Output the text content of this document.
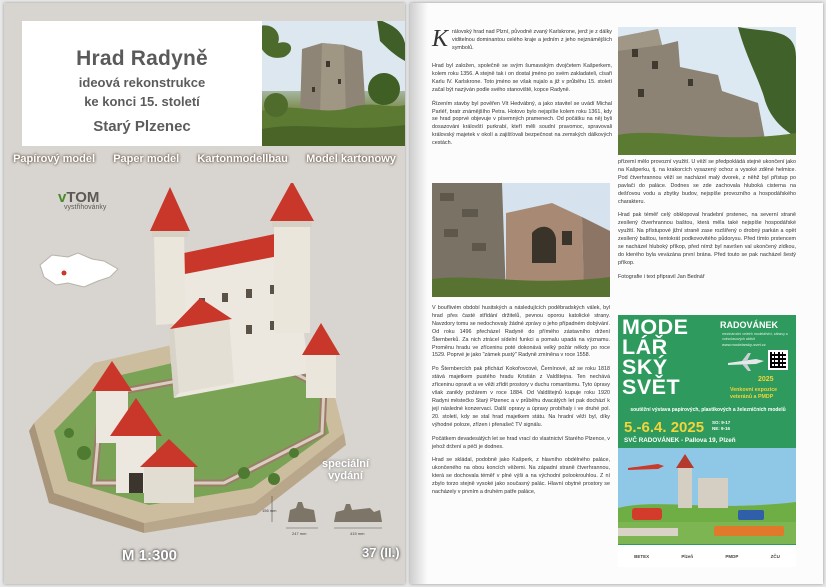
Hrad Radyně
ideová rekonstrukce
ke konci 15. století
Starý Plzenec
Papírový model Paper model Kartonmodellbau Model kartonowy
vTOM
vystřihovánky
speciální
vydání
156 mm
247 mm	415 mm
M 1:300	37 (II.)
Královský hrad nad Plzní, původně zvaný Karlskrone, jenž je z dálky viditelnou dominantou celého kraje a jedním z jeho nejznámějších symbolů.

Hrad byl založen, společně se svým šumavským dvojčetem Kašperkem, kolem roku 1356. A stejně tak i on dostal jméno po svém zakladateli, císaři Karlu IV. Karlskrone. Toto jméno se však nujalo a již v průběhu 15. století začal být nazýván podle svého stanoviště, kopce Radyně.

Řízením stavby byl pověřen Vít Hedvábný, a jako stavitel se uvádí Michal Parléř, bratr známějšího Petra. Hotovo bylo nejspíše kolem roku 1361, kdy se hrad poprvé objevuje v písemných pramenech. Od počátku na něj byli dosazováni královští purkrabí, kteří měli soudní pravomoc, spravovali královský majetek v okolí a zajišťovali bezpečnost na zemských dálkových cestách.

přízemí mělo provozní využití. U věží se předpokládá stejné ukončení jako na Kašperku, tj. na krakorcích vysazený ochoz a vysoké zděné helmice. Pod čtverhrannou věží se nacházel malý dvorek, z něhž byl přístup po pavlači do paláce. Dodnes se zde zachovala hluboká cisterna na dešťovou vodu a zbytky budov, nejspíše provozního a hospodářského charakteru.

Hrad pak téměř celý obklopoval hradební prstenec, na severní straně zesílený čtverhrannou baštou, která měla také nejspíše hospodářské využití. Na přístupové jižní straně zase rozšířený o drobný parkán a opět zesílený baštou, tentokrát podkovovitého půdorysu. Před tímto prstencem se nacházel hluboký příkop, před nímž byl navršen val ukončený zídkou, do kterého byla vevázána první brána. Před touto se pak nacházel šestý příkop.

Fotografie i text připravil Jan Bednář

V bouřlivém období husitských a následujících poděbradských válek, byl hrad přes časté střídání držitelů, pevnou oporou katolické strany. Navzdory tomu se nedochovaly žádné zprávy o jeho případném dobývání. Od roku 1496 přecházel Radyně do přímého zástavního držení Šternberků. Za nich ztrácel sídelní funkci a pomalu upadá na významu. Proměnu hradu ve zříceninu poté dokonává velký požár někdy po roce 1529. Poprvé je jako "zámek pustý" Radyně zmíněna v roce 1558.

Po Šternbercích pak přichází Kokořovcové, Černínové, až se roku 1818 stává majetkem pustého hradu Kristián z Valdštejna. Ten nechává zříceninu opravit a ve věži zřídit prostory v duchu romantismu. Tyto úpravy však zanikly požárem v roce 1884. Od Valdštejnů kupuje roku 1920 Radyni městečko Starý Plzenec a v průběhu dvacátých let pak dochází k její následné konzervaci. Další opravy a úpravy probíhaly i ve druhé pol. 20. století, kdy se stal hrad majetkem státu. Na hradní věži byl, díky výhodné poloze, zřízen i přenašeč TV signálu.

Počátkem devadesátých let se hrad vrací do vlastnictví Starého Plzence, v jehož držení a péči je dodnes.

Hrad se skládal, podobně jako Kašperk, z hlavního obdélného paláce, ukončeného na obou koncích věžemi. Na západní straně čtverhrannou, která se dochovala téměř v plné výši a na východní polookrouhlou. Z ní zbylo torzo stejně vysoké jako současný palác. Hlavní obytné prostory se nacházely v prvním a druhém patře paláce,

MODE
LÁŘ
SKÝ
SVĚT
RADOVÁNEK
mezinárodní veletrh modelářství, zábavy a volnočasových aktivit
www.modelarsky-svet.cz
2025
Venkovní expozice veteránů a PMDP
soutěžní výstava papírových, plastikových a železničních modelů
5.-6.4. 2025 SO: 9-17
NE: 9-16
SVČ RADOVÁNEK - Pallova 19, Plzeň
BETEX	Plzeň	PMDP	ZČU
